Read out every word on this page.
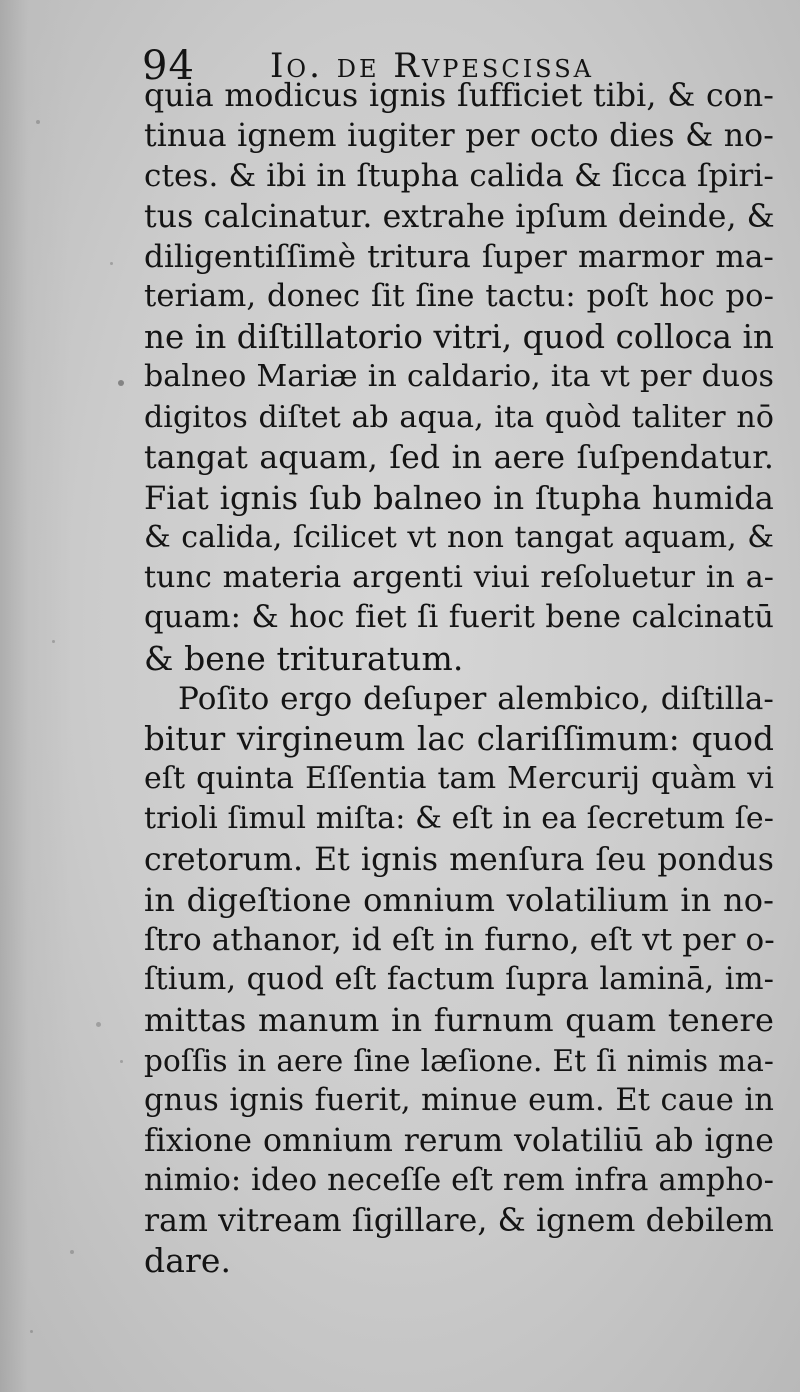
94 Io. de Rvpescissa
quia modicus ignis ſufficiet tibi, & con-
tinua ignem iugiter per octo dies & no-
ctes. & ibi in ſtupha calida & ſicca ſpiri-
tus calcinatur. extrahe ipſum deinde, &
diligentiſſimè tritura ſuper marmor ma-
teriam, donec ſit ſine tactu: poſt hoc po-
ne in diſtillatorio vitri, quod colloca in
balneo Mariæ in caldario, ita vt per duos
digitos diſtet ab aqua, ita quòd taliter nō
tangat aquam, ſed in aere ſuſpendatur.
Fiat ignis ſub balneo in ſtupha humida
& calida, ſcilicet vt non tangat aquam, &
tunc materia argenti viui reſoluetur in a-
quam: & hoc fiet ſi fuerit bene calcinatū
& bene trituratum.
Poſito ergo deſuper alembico, diſtilla-
bitur virgineum lac clariſſimum: quod
eſt quinta Eſſentia tam Mercurij quàm vi
trioli ſimul miſta: & eſt in ea ſecretum ſe-
cretorum. Et ignis menſura ſeu pondus
in digeſtione omnium volatilium in no-
ſtro athanor, id eſt in furno, eſt vt per o-
ſtium, quod eſt factum ſupra laminā, im-
mittas manum in furnum quam tenere
poſſis in aere ſine læſione. Et ſi nimis ma-
gnus ignis fuerit, minue eum. Et caue in
fixione omnium rerum volatiliū ab igne
nimio: ideo neceſſe eſt rem infra ampho-
ram vitream ſigillare, & ignem debilem
dare.
